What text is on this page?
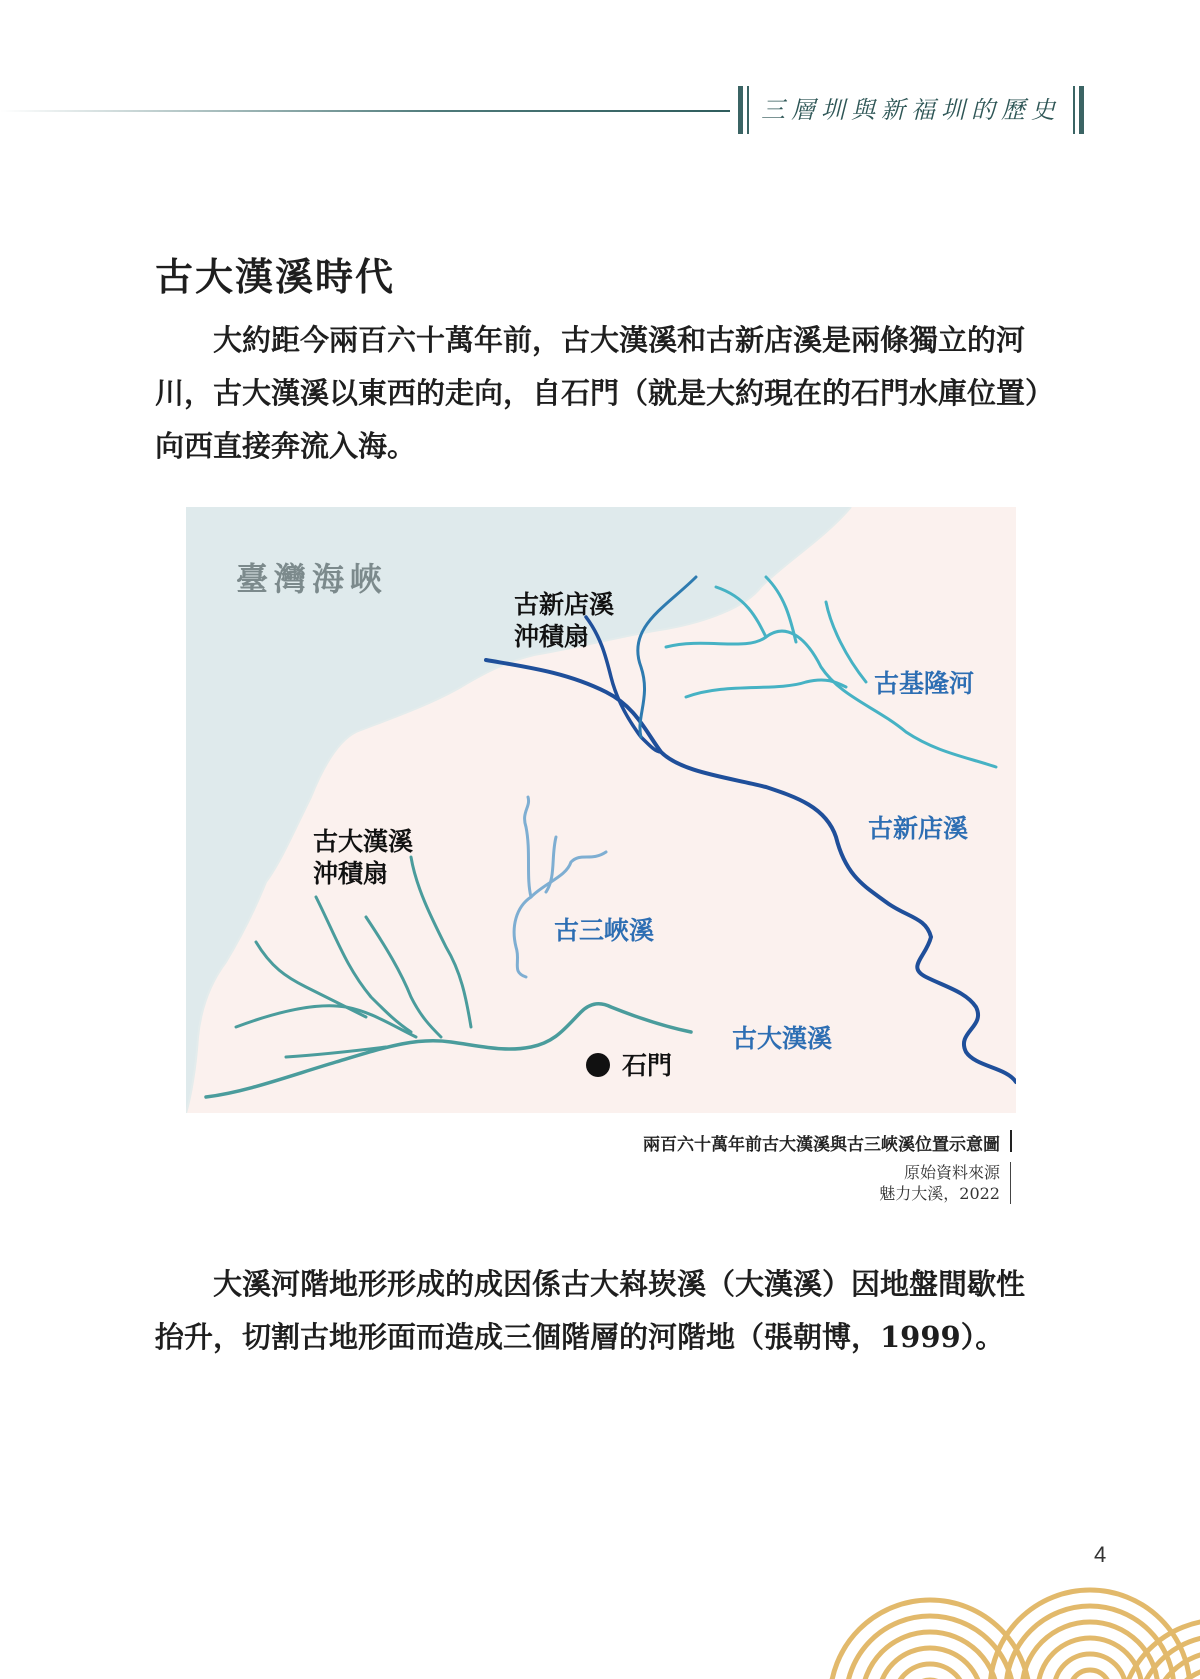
三層圳與新福圳的歷史
古大漢溪時代

大約距今兩百六十萬年前，古大漢溪和古新店溪是兩條獨立的河川，古大漢溪以東西的走向，自石門（就是大約現在的石門水庫位置）向西直接奔流入海。

臺灣海峽
古新店溪
沖積扇
古基隆河
古新店溪
古大漢溪
沖積扇
古三峽溪
古大漢溪
石門
兩百六十萬年前古大漢溪與古三峽溪位置示意圖
原始資料來源
魅力大溪，2022

大溪河階地形形成的成因係古大嵙崁溪（大漢溪）因地盤間歇性抬升，切割古地形面而造成三個階層的河階地（張朝博，1999）。

4
